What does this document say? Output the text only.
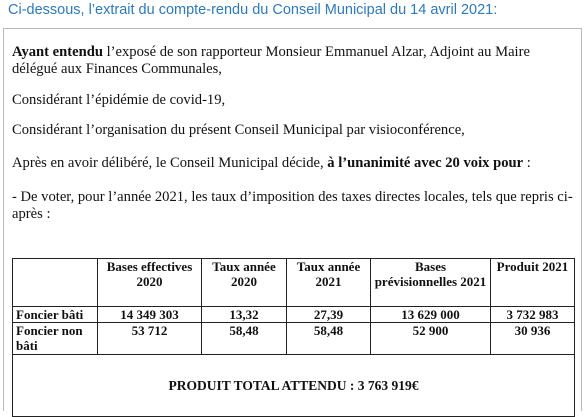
Ci-dessous, l’extrait du compte-rendu du Conseil Municipal du 14 avril 2021:

Ayant entendu l’exposé de son rapporteur Monsieur Emmanuel Alzar, Adjoint au Maire délégué aux Finances Communales,

Considérant l’épidémie de covid-19,

Considérant l’organisation du présent Conseil Municipal par visioconférence,

Après en avoir délibéré, le Conseil Municipal décide, à l’unanimité avec 20 voix pour :

- De voter, pour l’année 2021, les taux d’imposition des taxes directes locales, tels que repris ci-après :

	Bases effectives 2020	Taux année 2020	Taux année 2021	Bases prévisionnelles 2021	Produit 2021
Foncier bâti	14 349 303	13,32	27,39	13 629 000	3 732 983
Foncier non bâti	53 712	58,48	58,48	52 900	30 936
PRODUIT TOTAL ATTENDU : 3 763 919€					
